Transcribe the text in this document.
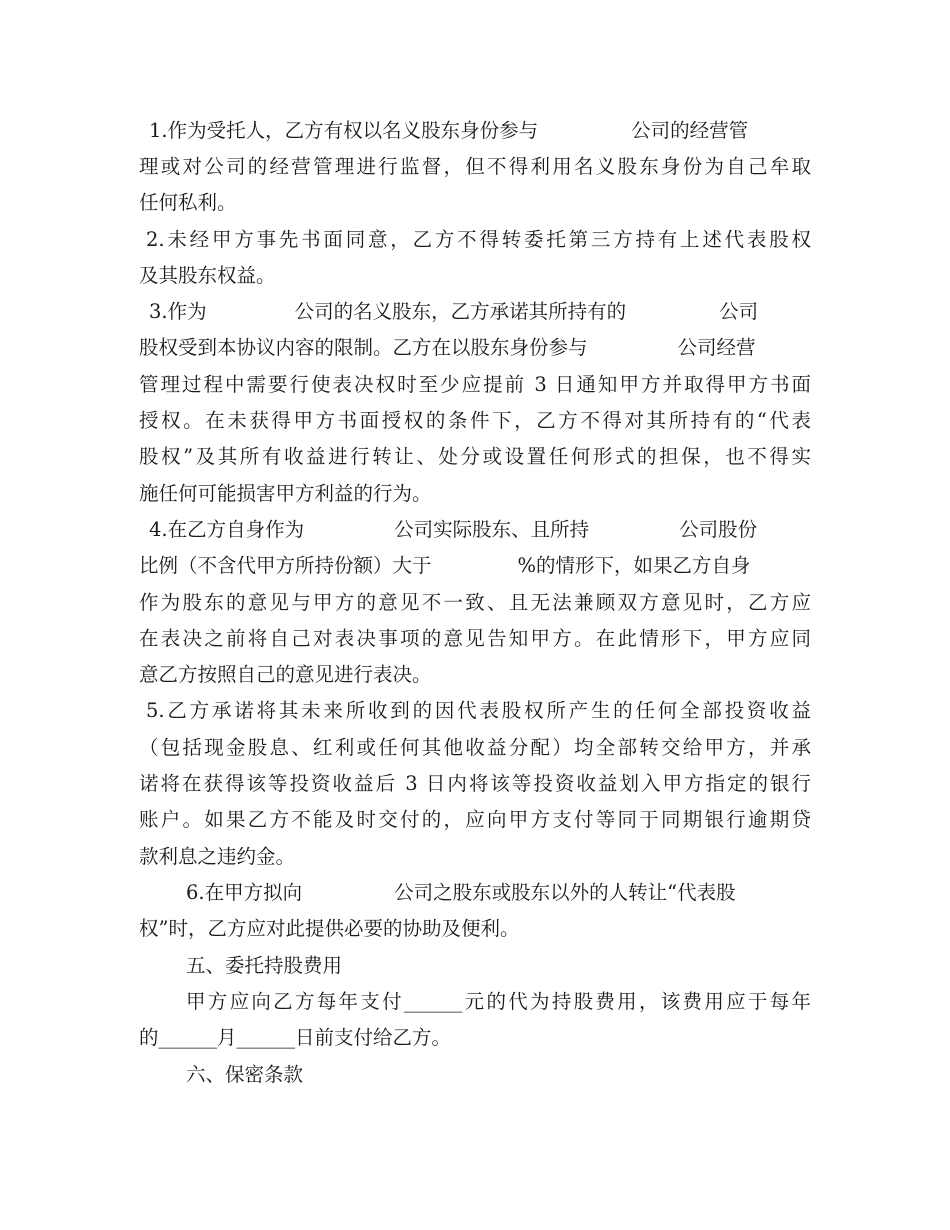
1.作为受托人，乙方有权以名义股东身份参与	公司的经营管
理或对公司的经营管理进行监督，但不得利用名义股东身份为自己牟取
任何私利。
2.未经甲方事先书面同意，乙方不得转委托第三方持有上述代表股权
及其股东权益。
3.作为	公司的名义股东，乙方承诺其所持有的	公司
股权受到本协议内容的限制。乙方在以股东身份参与	公司经营
管理过程中需要行使表决权时至少应提前 3 日通知甲方并取得甲方书面
授权。在未获得甲方书面授权的条件下，乙方不得对其所持有的“代表
股权”及其所有收益进行转让、处分或设置任何形式的担保，也不得实
施任何可能损害甲方利益的行为。
4.在乙方自身作为	公司实际股东、且所持	公司股份
比例（不含代甲方所持份额）大于	%的情形下，如果乙方自身
作为股东的意见与甲方的意见不一致、且无法兼顾双方意见时，乙方应
在表决之前将自己对表决事项的意见告知甲方。在此情形下，甲方应同
意乙方按照自己的意见进行表决。
5.乙方承诺将其未来所收到的因代表股权所产生的任何全部投资收益
（包括现金股息、红利或任何其他收益分配）均全部转交给甲方，并承
诺将在获得该等投资收益后 3 日内将该等投资收益划入甲方指定的银行
账户。如果乙方不能及时交付的，应向甲方支付等同于同期银行逾期贷
款利息之违约金。
6.在甲方拟向	公司之股东或股东以外的人转让“代表股
权”时，乙方应对此提供必要的协助及便利。
五、委托持股费用
甲方应向乙方每年支付______元的代为持股费用，该费用应于每年
的______月______日前支付给乙方。
六、保密条款
